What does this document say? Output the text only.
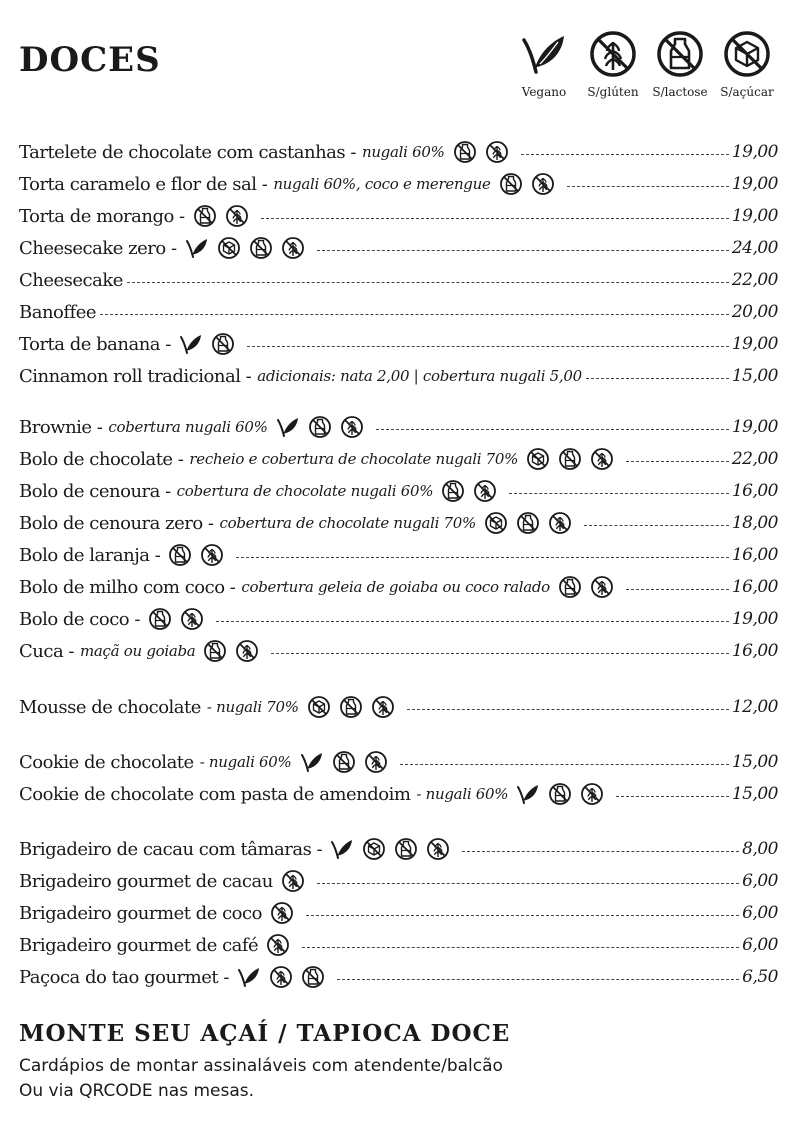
DOCES
Vegano	S/glúten	S/lactose	S/açúcar
Tartelete de chocolate com castanhas - nugali 60%	19,00
Torta caramelo e flor de sal - nugali 60%, coco e merengue	19,00
Torta de morango -	19,00
Cheesecake zero -	24,00
Cheesecake	22,00
Banoffee	20,00
Torta de banana -	19,00
Cinnamon roll tradicional - adicionais: nata 2,00 | cobertura nugali 5,00	15,00
Brownie - cobertura nugali 60%	19,00
Bolo de chocolate - recheio e cobertura de chocolate nugali 70%	22,00
Bolo de cenoura - cobertura de chocolate nugali 60%	16,00
Bolo de cenoura zero - cobertura de chocolate nugali 70%	18,00
Bolo de laranja -	16,00
Bolo de milho com coco - cobertura geleia de goiaba ou coco ralado	16,00
Bolo de coco -	19,00
Cuca - maçã ou goiaba	16,00
Mousse de chocolate - nugali 70%	12,00
Cookie de chocolate - nugali 60%	15,00
Cookie de chocolate com pasta de amendoim - nugali 60%	15,00
Brigadeiro de cacau com tâmaras -	8,00
Brigadeiro gourmet de cacau	6,00
Brigadeiro gourmet de coco	6,00
Brigadeiro gourmet de café	6,00
Paçoca do tao gourmet -	6,50
MONTE SEU AÇAÍ / TAPIOCA DOCE
Cardápios de montar assinaláveis com atendente/balcão
Ou via QRCODE nas mesas.
